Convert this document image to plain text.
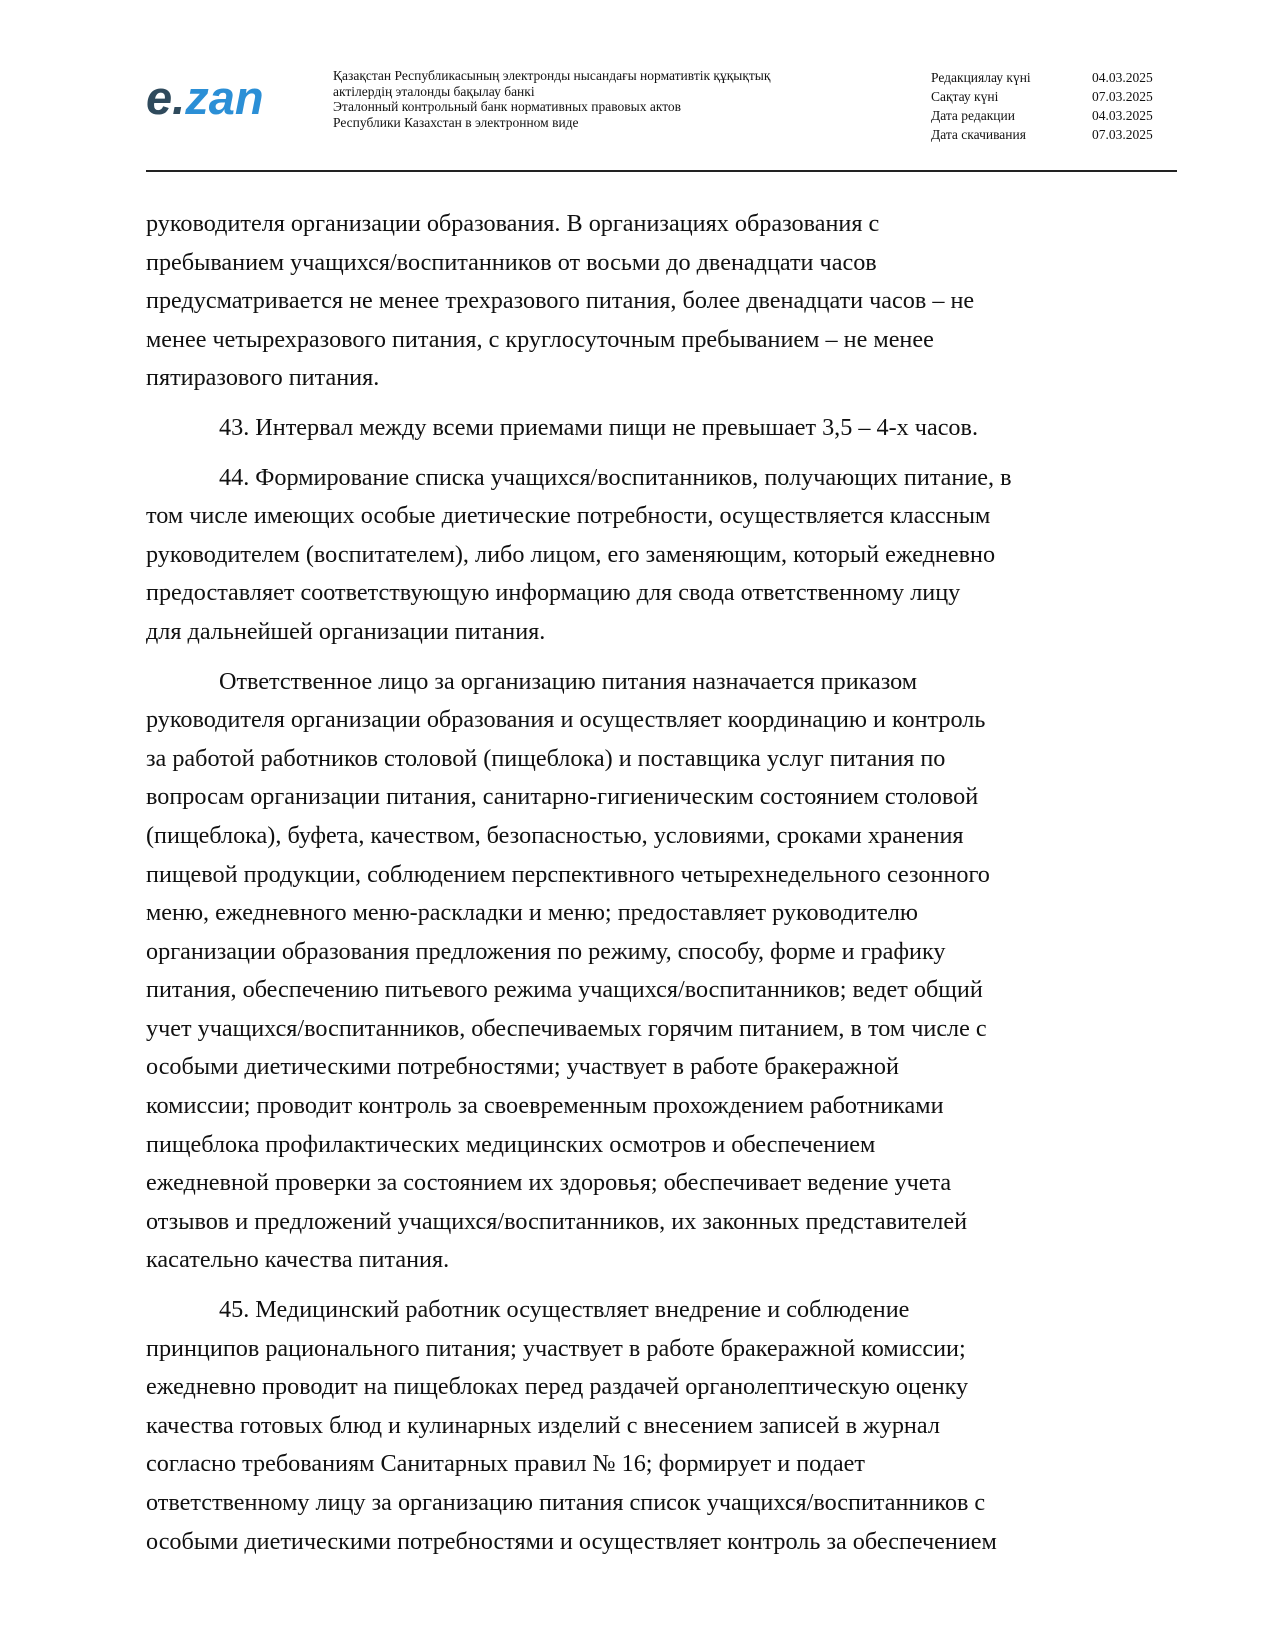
e.zan	Қазақстан Республикасының электронды нысандағы нормативтік құқықтық
актілердің эталонды бақылау банкі
Эталонный контрольный банк нормативных правовых актов
Республики Казахстан в электронном виде
Редакциялау күні	04.03.2025
Сақтау күні	07.03.2025
Дата редакции	04.03.2025
Дата скачивания	07.03.2025

руководителя организации образования. В организациях образования с
пребыванием учащихся/воспитанников от восьми до двенадцати часов
предусматривается не менее трехразового питания, более двенадцати часов – не
менее четырехразового питания, с круглосуточным пребыванием – не менее
пятиразового питания.

43. Интервал между всеми приемами пищи не превышает 3,5 – 4-х часов.

44. Формирование списка учащихся/воспитанников, получающих питание, в
том числе имеющих особые диетические потребности, осуществляется классным
руководителем (воспитателем), либо лицом, его заменяющим, который ежедневно
предоставляет соответствующую информацию для свода ответственному лицу
для дальнейшей организации питания.

Ответственное лицо за организацию питания назначается приказом
руководителя организации образования и осуществляет координацию и контроль
за работой работников столовой (пищеблока) и поставщика услуг питания по
вопросам организации питания, санитарно-гигиеническим состоянием столовой
(пищеблока), буфета, качеством, безопасностью, условиями, сроками хранения
пищевой продукции, соблюдением перспективного четырехнедельного сезонного
меню, ежедневного меню-раскладки и меню; предоставляет руководителю
организации образования предложения по режиму, способу, форме и графику
питания, обеспечению питьевого режима учащихся/воспитанников; ведет общий
учет учащихся/воспитанников, обеспечиваемых горячим питанием, в том числе с
особыми диетическими потребностями; участвует в работе бракеражной
комиссии; проводит контроль за своевременным прохождением работниками
пищеблока профилактических медицинских осмотров и обеспечением
ежедневной проверки за состоянием их здоровья; обеспечивает ведение учета
отзывов и предложений учащихся/воспитанников, их законных представителей
касательно качества питания.

45. Медицинский работник осуществляет внедрение и соблюдение
принципов рационального питания; участвует в работе бракеражной комиссии;
ежедневно проводит на пищеблоках перед раздачей органолептическую оценку
качества готовых блюд и кулинарных изделий с внесением записей в журнал
согласно требованиям Санитарных правил № 16; формирует и подает
ответственному лицу за организацию питания список учащихся/воспитанников с
особыми диетическими потребностями и осуществляет контроль за обеспечением
